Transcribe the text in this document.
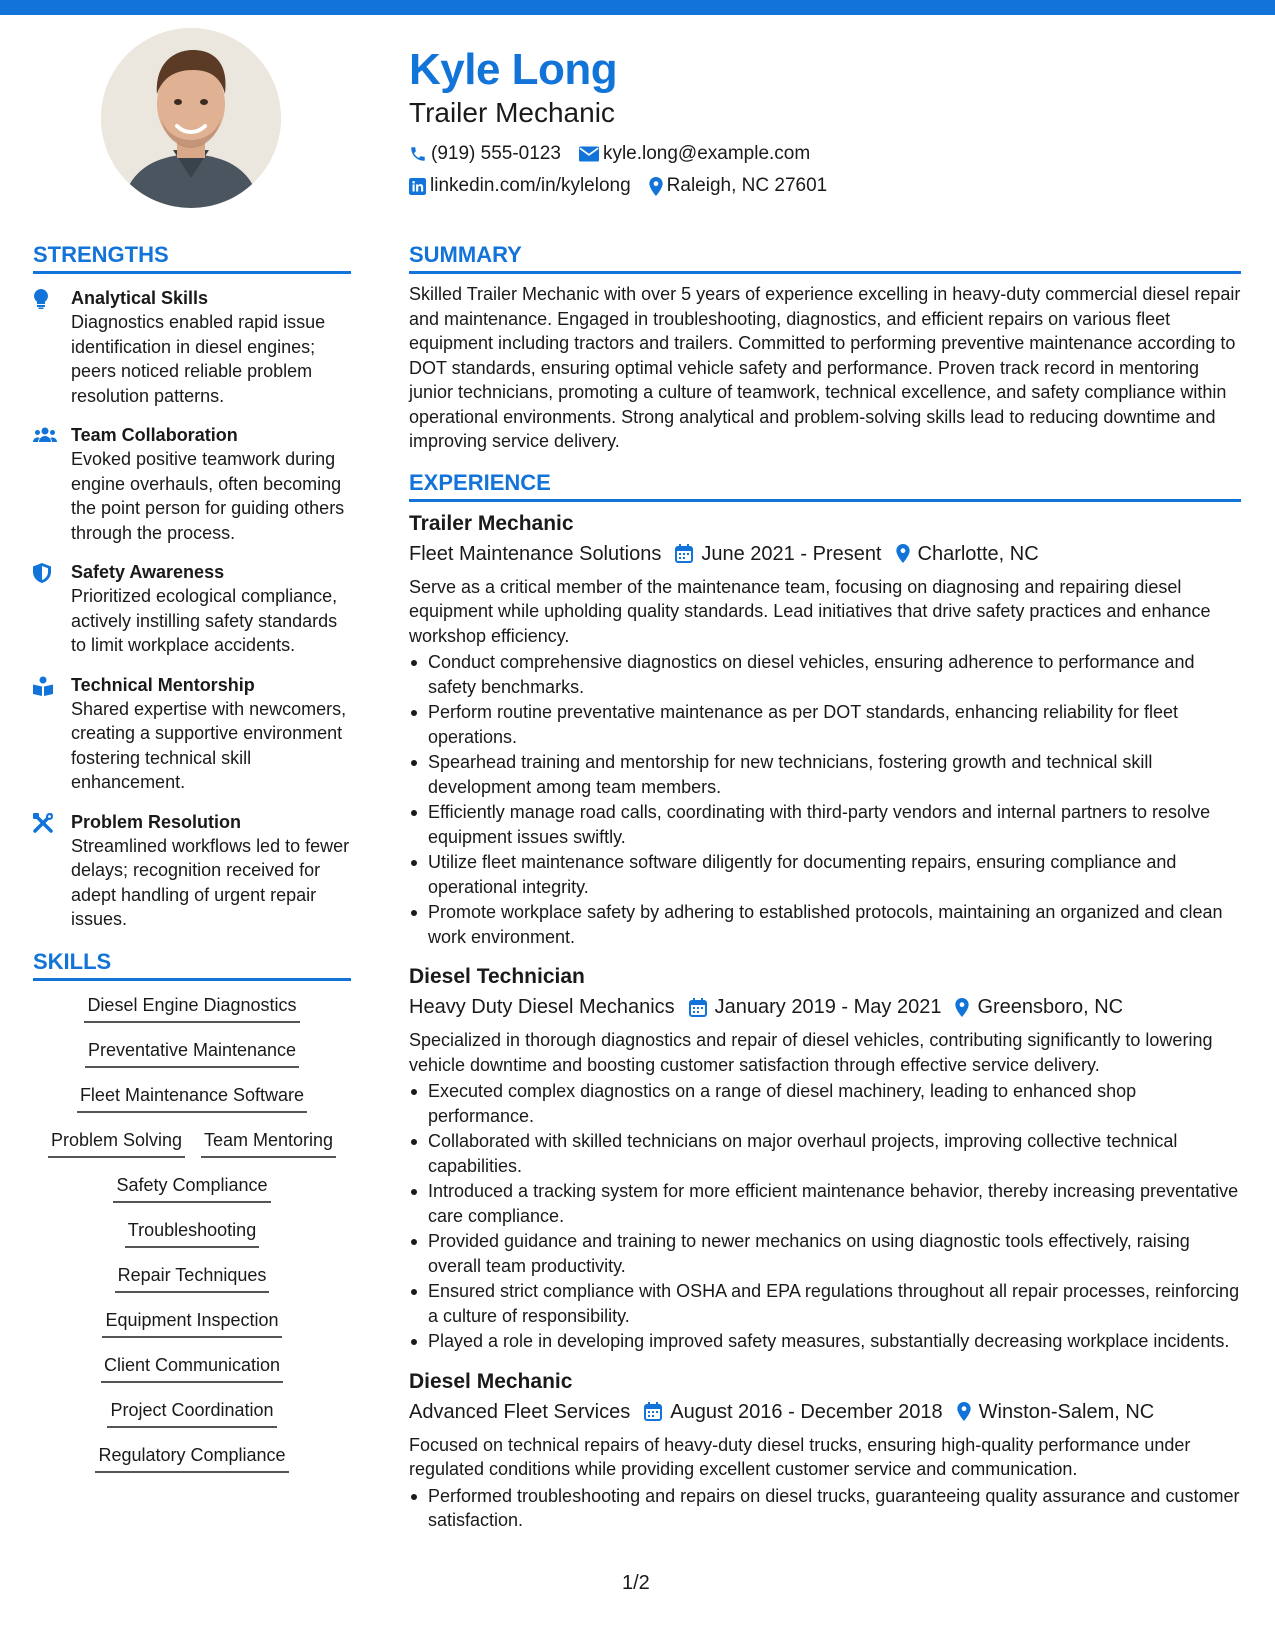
Kyle Long
Trailer Mechanic
(919) 555-0123 kyle.long@example.com
linkedin.com/in/kylelong Raleigh, NC 27601
STRENGTHS
Analytical Skills
Diagnostics enabled rapid issue identification in diesel engines; peers noticed reliable problem resolution patterns.
Team Collaboration
Evoked positive teamwork during engine overhauls, often becoming the point person for guiding others through the process.
Safety Awareness
Prioritized ecological compliance, actively instilling safety standards to limit workplace accidents.
Technical Mentorship
Shared expertise with newcomers, creating a supportive environment fostering technical skill enhancement.
Problem Resolution
Streamlined workflows led to fewer delays; recognition received for adept handling of urgent repair issues.
SKILLS
Diesel Engine Diagnostics
Preventative Maintenance
Fleet Maintenance Software
Problem Solving Team Mentoring
Safety Compliance
Troubleshooting
Repair Techniques
Equipment Inspection
Client Communication
Project Coordination
Regulatory Compliance
SUMMARY
Skilled Trailer Mechanic with over 5 years of experience excelling in heavy-duty commercial diesel repair and maintenance. Engaged in troubleshooting, diagnostics, and efficient repairs on various fleet equipment including tractors and trailers. Committed to performing preventive maintenance according to DOT standards, ensuring optimal vehicle safety and performance. Proven track record in mentoring junior technicians, promoting a culture of teamwork, technical excellence, and safety compliance within operational environments. Strong analytical and problem-solving skills lead to reducing downtime and improving service delivery.
EXPERIENCE
Trailer Mechanic
Fleet Maintenance Solutions June 2021 - Present Charlotte, NC
Serve as a critical member of the maintenance team, focusing on diagnosing and repairing diesel equipment while upholding quality standards. Lead initiatives that drive safety practices and enhance workshop efficiency.
Conduct comprehensive diagnostics on diesel vehicles, ensuring adherence to performance and safety benchmarks.
Perform routine preventative maintenance as per DOT standards, enhancing reliability for fleet operations.
Spearhead training and mentorship for new technicians, fostering growth and technical skill development among team members.
Efficiently manage road calls, coordinating with third-party vendors and internal partners to resolve equipment issues swiftly.
Utilize fleet maintenance software diligently for documenting repairs, ensuring compliance and operational integrity.
Promote workplace safety by adhering to established protocols, maintaining an organized and clean work environment.
Diesel Technician
Heavy Duty Diesel Mechanics January 2019 - May 2021 Greensboro, NC
Specialized in thorough diagnostics and repair of diesel vehicles, contributing significantly to lowering vehicle downtime and boosting customer satisfaction through effective service delivery.
Executed complex diagnostics on a range of diesel machinery, leading to enhanced shop performance.
Collaborated with skilled technicians on major overhaul projects, improving collective technical capabilities.
Introduced a tracking system for more efficient maintenance behavior, thereby increasing preventative care compliance.
Provided guidance and training to newer mechanics on using diagnostic tools effectively, raising overall team productivity.
Ensured strict compliance with OSHA and EPA regulations throughout all repair processes, reinforcing a culture of responsibility.
Played a role in developing improved safety measures, substantially decreasing workplace incidents.
Diesel Mechanic
Advanced Fleet Services August 2016 - December 2018 Winston-Salem, NC
Focused on technical repairs of heavy-duty diesel trucks, ensuring high-quality performance under regulated conditions while providing excellent customer service and communication.
Performed troubleshooting and repairs on diesel trucks, guaranteeing quality assurance and customer satisfaction.
1/2
